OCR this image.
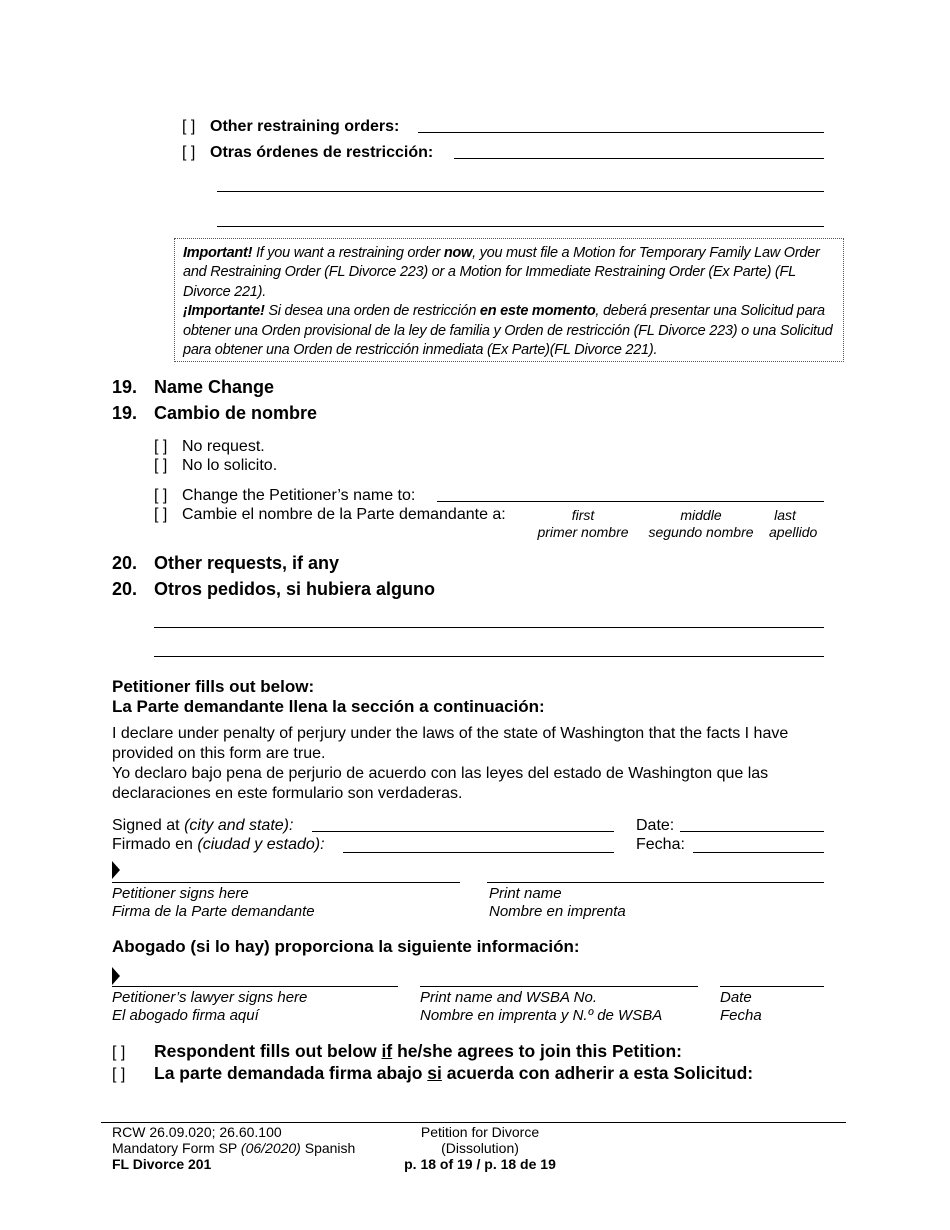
[ ] Other restraining orders:
[ ] Otras órdenes de restricción:
Important! If you want a restraining order now, you must file a Motion for Temporary Family Law Order and Restraining Order (FL Divorce 223) or a Motion for Immediate Restraining Order (Ex Parte) (FL Divorce 221).
¡Importante! Si desea una orden de restricción en este momento, deberá presentar una Solicitud para obtener una Orden provisional de la ley de familia y Orden de restricción (FL Divorce 223) o una Solicitud para obtener una Orden de restricción inmediata (Ex Parte)(FL Divorce 221).
19. Name Change
19. Cambio de nombre
[ ] No request.
[ ] No lo solicito.
[ ] Change the Petitioner’s name to:
[ ] Cambie el nombre de la Parte demandante a:	first
primer nombre
middle
segundo nombre
last
apellido
20. Other requests, if any
20. Otros pedidos, si hubiera alguno
Petitioner fills out below:
La Parte demandante llena la sección a continuación:
I declare under penalty of perjury under the laws of the state of Washington that the facts I have provided on this form are true.
Yo declaro bajo pena de perjurio de acuerdo con las leyes del estado de Washington que las declaraciones en este formulario son verdaderas.
Signed at (city and state):
Firmado en (ciudad y estado):
Date:
Fecha:
Petitioner signs here
Firma de la Parte demandante
Print name
Nombre en imprenta
Abogado (si lo hay) proporciona la siguiente información:
Petitioner’s lawyer signs here
El abogado firma aquí
Print name and WSBA No.
Nombre en imprenta y N.º de WSBA
Date
Fecha
[ ] Respondent fills out below if he/she agrees to join this Petition:
[ ] La parte demandada firma abajo si acuerda con adherir a esta Solicitud:
RCW 26.09.020; 26.60.100
Mandatory Form SP (06/2020) Spanish
FL Divorce 201
Petition for Divorce
(Dissolution)
p. 18 of 19 / p. 18 de 19
